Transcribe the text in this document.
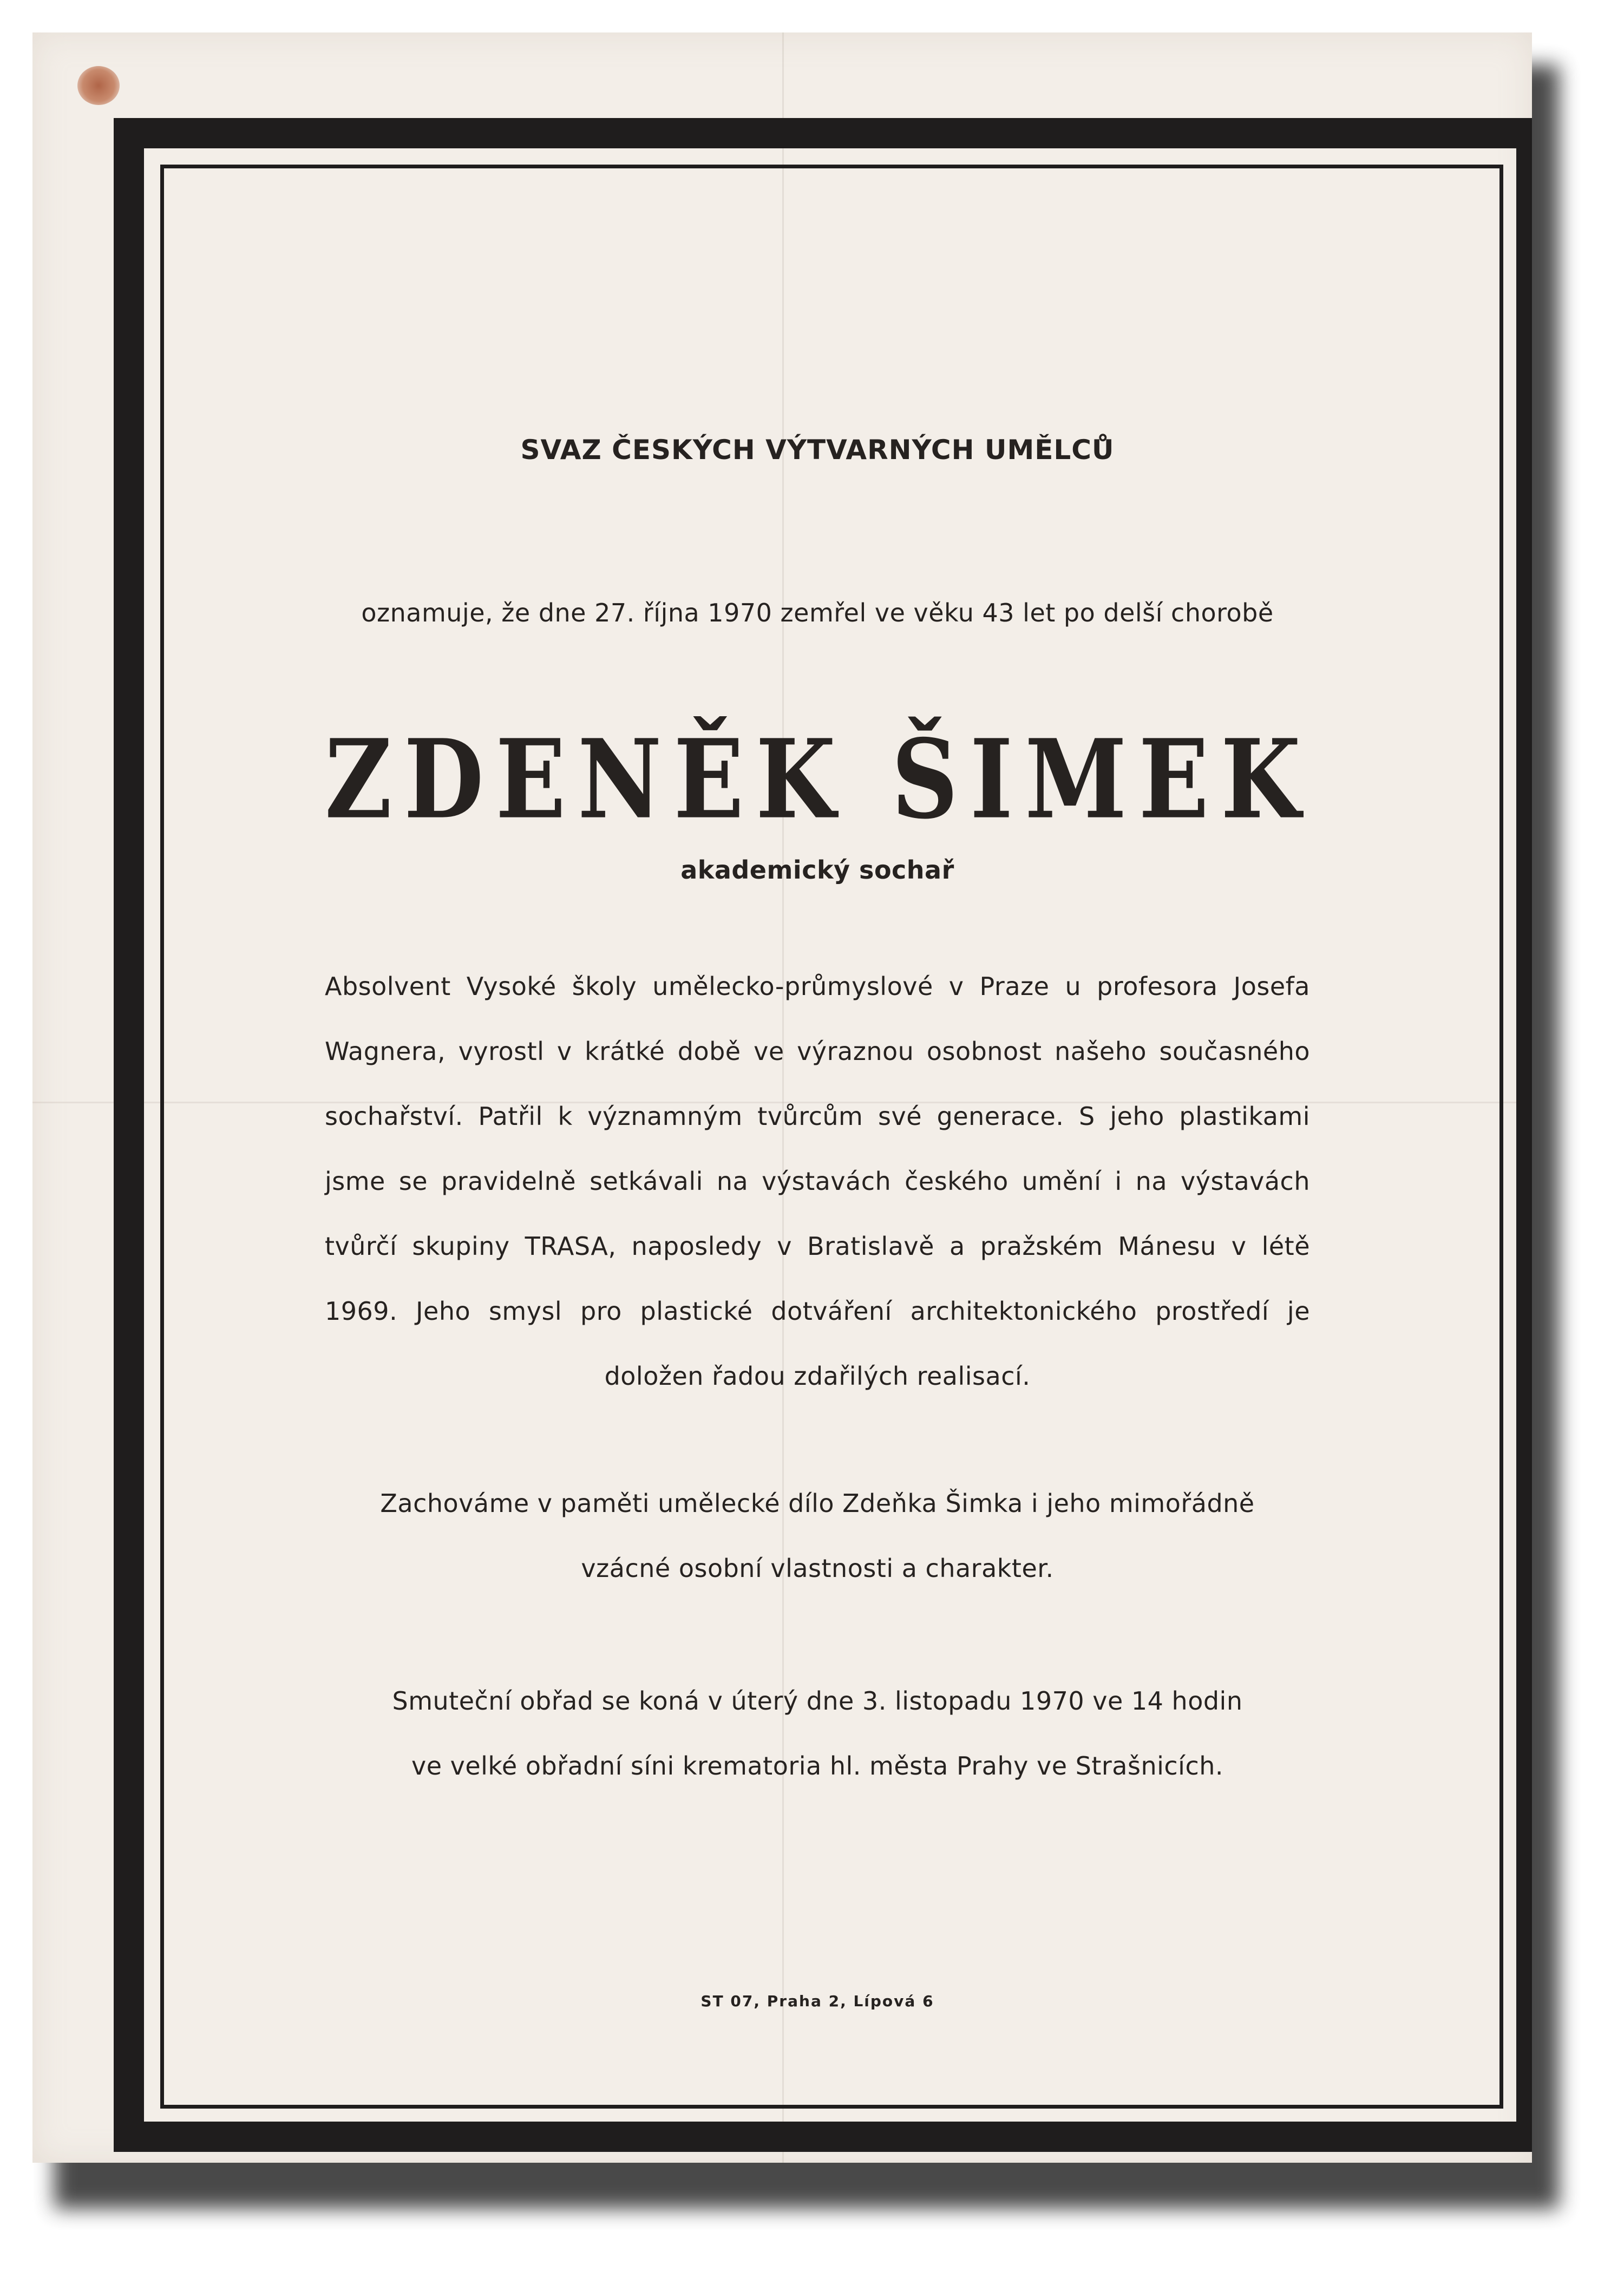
SVAZ ČESKÝCH VÝTVARNÝCH UMĚLCŮ
oznamuje, že dne 27. října 1970 zemřel ve věku 43 let po delší chorobě
ZDENĚK ŠIMEK
akademický sochař
Absolvent Vysoké školy umělecko-průmyslové v Praze u profesora Josefa
Wagnera, vyrostl v krátké době ve výraznou osobnost našeho současného
sochařství. Patřil k významným tvůrcům své generace. S jeho plastikami
jsme se pravidelně setkávali na výstavách českého umění i na výstavách
tvůrčí skupiny TRASA, naposledy v Bratislavě a pražském Mánesu v létě
1969. Jeho smysl pro plastické dotváření architektonického prostředí je
doložen řadou zdařilých realisací.
Zachováme v paměti umělecké dílo Zdeňka Šimka i jeho mimořádně
vzácné osobní vlastnosti a charakter.
Smuteční obřad se koná v úterý dne 3. listopadu 1970 ve 14 hodin
ve velké obřadní síni krematoria hl. města Prahy ve Strašnicích.
ST 07, Praha 2, Lípová 6
